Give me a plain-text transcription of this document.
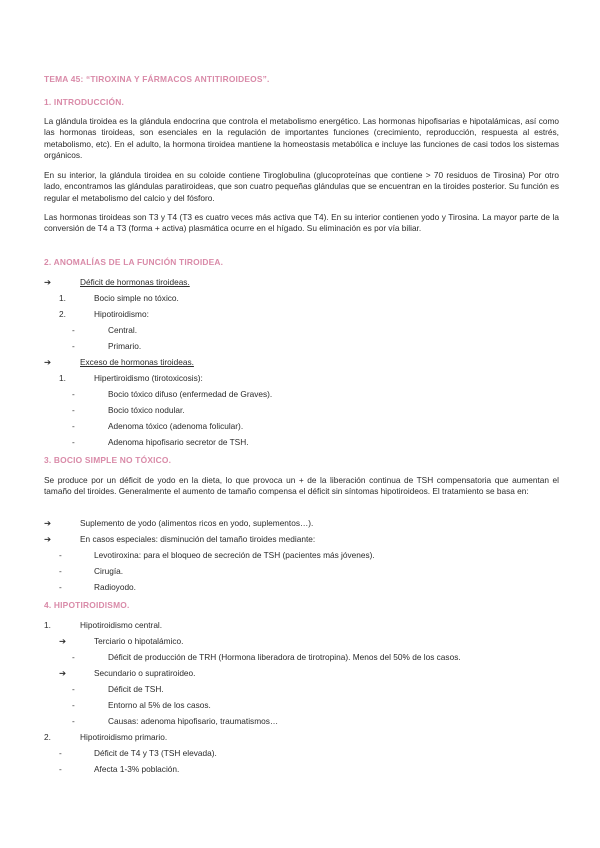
TEMA 45: “TIROXINA Y FÁRMACOS ANTITIROIDEOS”.
1. INTRODUCCIÓN.
La glándula tiroidea es la glándula endocrina que controla el metabolismo energético. Las hormonas hipofisarias e hipotalámicas, así como las hormonas tiroideas, son esenciales en la regulación de importantes funciones (crecimiento, reproducción, respuesta al estrés, metabolismo, etc). En el adulto, la hormona tiroidea mantiene la homeostasis metabólica e incluye las funciones de casi todos los sistemas orgánicos.
En su interior, la glándula tiroidea en su coloide contiene Tiroglobulina (glucoproteínas que contiene > 70 residuos de Tirosina) Por otro lado, encontramos las glándulas paratiroideas, que son cuatro pequeñas glándulas que se encuentran en la tiroides posterior. Su función es regular el metabolismo del calcio y del fósforo.
Las hormonas tiroideas son T3 y T4 (T3 es cuatro veces más activa que T4). En su interior contienen yodo y Tirosina. La mayor parte de la conversión de T4 a T3 (forma + activa) plasmática ocurre en el hígado. Su eliminación es por vía biliar.
2. ANOMALÍAS DE LA FUNCIÓN TIROIDEA.
➔	Déficit de hormonas tiroideas.
1.	Bocio simple no tóxico.
2.	Hipotiroidismo:
-	Central.
-	Primario.
➔	Exceso de hormonas tiroideas.
1.	Hipertiroidismo (tirotoxicosis):
-	Bocio tóxico difuso (enfermedad de Graves).
-	Bocio tóxico nodular.
-	Adenoma tóxico (adenoma folicular).
-	Adenoma hipofisario secretor de TSH.
3. BOCIO SIMPLE NO TÓXICO.
Se produce por un déficit de yodo en la dieta, lo que provoca un + de la liberación continua de TSH compensatoria que aumentan el tamaño del tiroides. Generalmente el aumento de tamaño compensa el déficit sin síntomas hipotiroideos. El tratamiento se basa en:
➔	Suplemento de yodo (alimentos ricos en yodo, suplementos…).
➔	En casos especiales: disminución del tamaño tiroides mediante:
-	Levotiroxina: para el bloqueo de secreción de TSH (pacientes más jóvenes).
-	Cirugía.
-	Radioyodo.
4. HIPOTIROIDISMO.
1.	Hipotiroidismo central.
➔	Terciario o hipotalámico.
-	Déficit de producción de TRH (Hormona liberadora de tirotropina). Menos del 50% de los casos.
➔	Secundario o supratiroideo.
-	Déficit de TSH.
-	Entorno al 5% de los casos.
-	Causas: adenoma hipofisario, traumatismos…
2.	Hipotiroidismo primario.
-	Déficit de T4 y T3 (TSH elevada).
-	Afecta 1-3% población.
